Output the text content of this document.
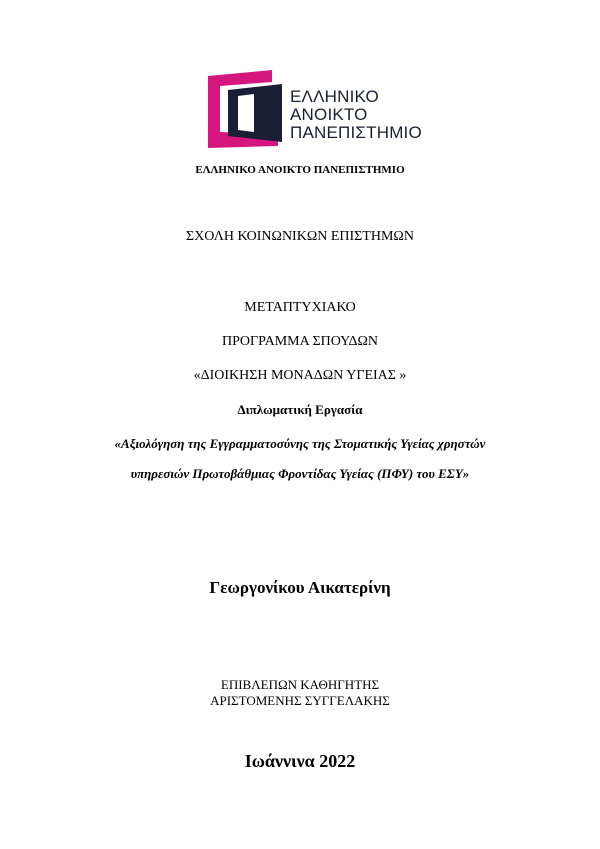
ΕΛΛΗΝΙΚΟ
ΑΝΟΙΚΤΟ
ΠΑΝΕΠΙΣΤΗΜΙΟ
ΕΛΛΗΝΙΚΟ ΑΝΟΙΚΤΟ ΠΑΝΕΠΙΣΤΗΜΙΟ
ΣΧΟΛΗ ΚΟΙΝΩΝΙΚΩΝ ΕΠΙΣΤΗΜΩΝ
ΜΕΤΑΠΤΥΧΙΑΚΟ
ΠΡΟΓΡΑΜΜΑ ΣΠΟΥΔΩΝ
«ΔΙΟΙΚΗΣΗ ΜΟΝΑΔΩΝ ΥΓΕΙΑΣ »
Διπλωματική Εργασία
«Αξιολόγηση της Εγγραμματοσύνης της Στοματικής Υγείας χρηστών
υπηρεσιών Πρωτοβάθμιας Φροντίδας Υγείας (ΠΦΥ) του ΕΣΥ»
Γεωργονίκου Αικατερίνη
ΕΠΙΒΛΕΠΩΝ ΚΑΘΗΓΗΤΗΣ
ΑΡΙΣΤΟΜΕΝΗΣ ΣΥΓΓΕΛΑΚΗΣ
Ιωάννινα 2022
